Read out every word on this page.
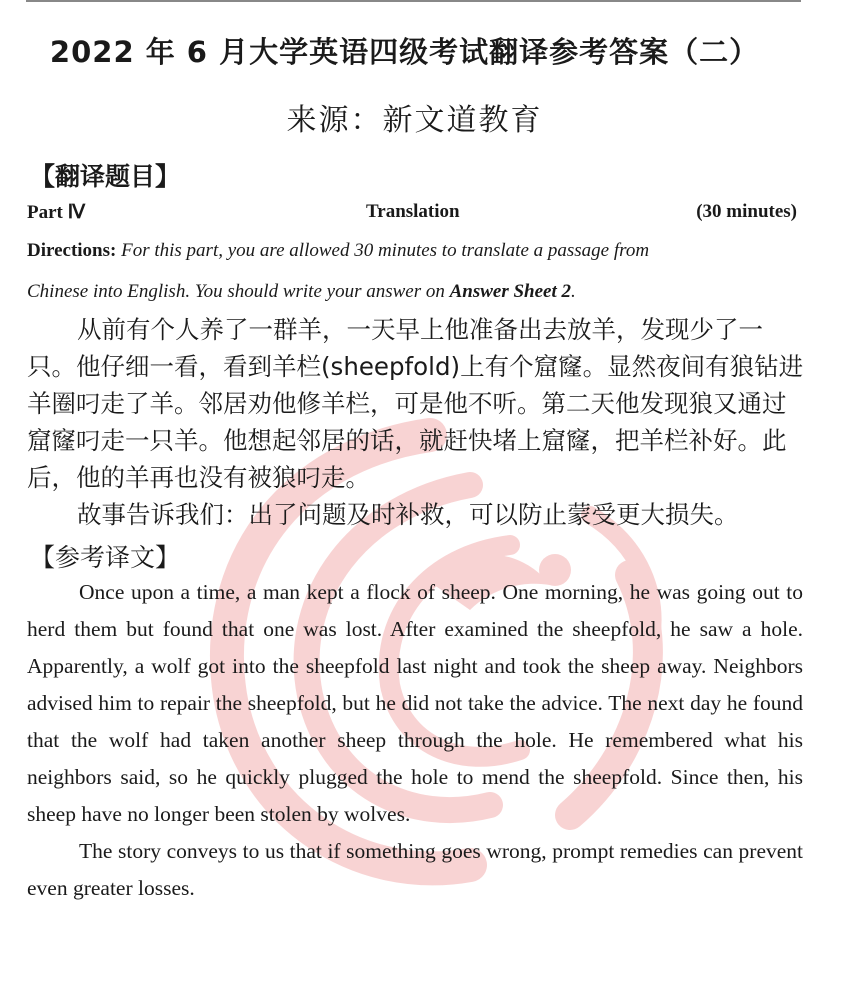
2022 年 6 月大学英语四级考试翻译参考答案（二）
来源：新文道教育
【翻译题目】
Part Ⅳ	Translation	(30 minutes)
Directions: For this part, you are allowed 30 minutes to translate a passage from
Chinese into English. You should write your answer on Answer Sheet 2.

从前有个人养了一群羊，一天早上他准备出去放羊，发现少了一只。他仔细一看，看到羊栏(sheepfold)上有个窟窿。显然夜间有狼钻进羊圈叼走了羊。邻居劝他修羊栏，可是他不听。第二天他发现狼又通过窟窿叼走一只羊。他想起邻居的话，就赶快堵上窟窿，把羊栏补好。此后，他的羊再也没有被狼叼走。

故事告诉我们：出了问题及时补救，可以防止蒙受更大损失。

【参考译文】

Once upon a time, a man kept a flock of sheep. One morning, he was going out to herd them but found that one was lost. After examined the sheepfold, he saw a hole. Apparently, a wolf got into the sheepfold last night and took the sheep away. Neighbors advised him to repair the sheepfold, but he did not take the advice. The next day he found that the wolf had taken another sheep through the hole. He remembered what his neighbors said, so he quickly plugged the hole to mend the sheepfold. Since then, his sheep have no longer been stolen by wolves.

The story conveys to us that if something goes wrong, prompt remedies can prevent even greater losses.
